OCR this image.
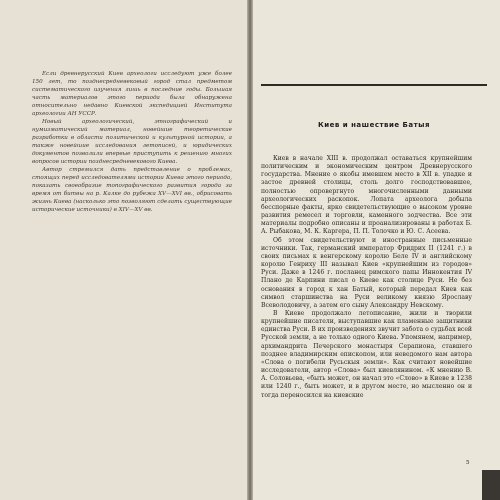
Если древнерусский Киев археологи исследуют уже более 150 лет, то позднесредневековый город стал предметом систематического изучения лишь в последние годы. Большая часть материалов этого периода была обнаружена относительно недавно Киевской экспедицией Института археологии АН УССР.

Новый археологический, этнографический и нумизматический материал, новейшие теоретические разработки в области политической и культурной истории, а также новейшие исследования летописей, и юридических документов позволили впервые приступить к решению многих вопросов истории позднесредневекового Киева.

Автор стремился дать представление о проблемах, стоящих перед исследователями истории Киева этого периода, показать своеобразие топографического развития города за время от битвы на р. Калке до рубежа XV—XVI вв., обрисовать жизнь Киева (насколько это позволяют сделать существующие исторические источники) в XIV—XV вв.

Киев и нашествие Батыя

Киев в начале XIII в. продолжал оставаться крупнейшим политическим и экономическим центром Древнерусского государства. Мнение о якобы имевшем место в XII в. упадке и застое древней столицы, столь долго господствовавшее, полностью опровергнуто многочисленными данными археологических раскопок. Лопата археолога добыла бесспорные факты, ярко свидетельствующие о высоком уровне развития ремесел и торговли, каменного зодчества. Все эти материалы подробно описаны и проанализированы в работах Б. А. Рыбакова, М. К. Каргера, П. П. Толочко и Ю. С. Асеева.

Об этом свидетельствуют и иностранные письменные источники. Так, германский император Фридрих II (1241 г.) в своих письмах к венгерскому королю Беле IV и английскому королю Генриху III называл Киев «крупнейшим из городов» Руси. Даже в 1246 г. посланец римского папы Иннокентия IV Плано де Карпини писал о Киеве как столице Руси. Не без основания в город к хан Батый, который передал Киев как символ старшинства на Руси великому князю Ярославу Всеволодовичу, а затем его сыну Александру Невскому.

В Киеве продолжало летописание, жили и творили крупнейшие писатели, выступавшие как пламенные защитники единства Руси. В их произведениях звучит забота о судьбах всей Русской земли, а не только одного Киева. Упомянем, например, архимандрита Печерского монастыря Серапиона, ставшего позднее владимирским епископом, или неведомого нам автора «Слова о погибели Русьскыя земли». Как считают новейшие исследователи, автор «Слова» был киевлянином. «К мнению В. А. Соловьева, «быть может, он начал это «Слово» в Киеве в 1238 или 1240 г., быть может, и в другом месте, но мысленно он и тогда переносился на киевские

5
